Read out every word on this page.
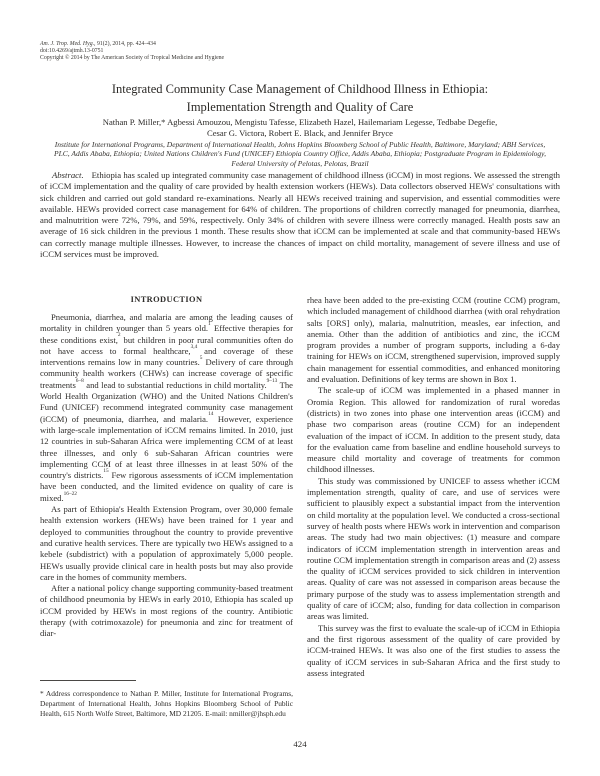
Am. J. Trop. Med. Hyg., 91(2), 2014, pp. 424–434
doi:10.4269/ajtmh.13-0751
Copyright © 2014 by The American Society of Tropical Medicine and Hygiene
Integrated Community Case Management of Childhood Illness in Ethiopia:
Implementation Strength and Quality of Care
Nathan P. Miller,* Agbessi Amouzou, Mengistu Tafesse, Elizabeth Hazel, Hailemariam Legesse, Tedbabe Degefie,
Cesar G. Victora, Robert E. Black, and Jennifer Bryce
Institute for International Programs, Department of International Health, Johns Hopkins Bloomberg School of Public Health, Baltimore, Maryland; ABH Services, PLC, Addis Ababa, Ethiopia; United Nations Children's Fund (UNICEF) Ethiopia Country Office, Addis Ababa, Ethiopia; Postgraduate Program in Epidemiology, Federal University of Pelotas, Pelotas, Brazil
Abstract. Ethiopia has scaled up integrated community case management of childhood illness (iCCM) in most regions. We assessed the strength of iCCM implementation and the quality of care provided by health extension workers (HEWs). Data collectors observed HEWs' consultations with sick children and carried out gold standard re-examinations. Nearly all HEWs received training and supervision, and essential commodities were available. HEWs provided correct case management for 64% of children. The proportions of children correctly managed for pneumonia, diarrhea, and malnutrition were 72%, 79%, and 59%, respectively. Only 34% of children with severe illness were correctly managed. Health posts saw an average of 16 sick children in the previous 1 month. These results show that iCCM can be implemented at scale and that community-based HEWs can correctly manage multiple illnesses. However, to increase the chances of impact on child mortality, management of severe illness and use of iCCM services must be improved.
INTRODUCTION

Pneumonia, diarrhea, and malaria are among the leading causes of mortality in children younger than 5 years old.$^1$ Effective therapies for these conditions exist,$^2$ but children in poor rural communities often do not have access to formal healthcare,$^{3,4}$ and coverage of these interventions remains low in many countries.$^5$ Delivery of care through community health workers (CHWs) can increase coverage of specific treatments$^{6-8}$ and lead to substantial reductions in child mortality.$^{9-13}$ The World Health Organization (WHO) and the United Nations Children's Fund (UNICEF) recommend integrated community case management (iCCM) of pneumonia, diarrhea, and malaria.$^{14}$ However, experience with large-scale implementation of iCCM remains limited. In 2010, just 12 countries in sub-Saharan Africa were implementing CCM of at least three illnesses, and only 6 sub-Saharan African countries were implementing CCM of at least three illnesses in at least 50% of the country's districts.$^{15}$ Few rigorous assessments of iCCM implementation have been conducted, and the limited evidence on quality of care is mixed.$^{16-22}$

As part of Ethiopia's Health Extension Program, over 30,000 female health extension workers (HEWs) have been trained for 1 year and deployed to communities throughout the country to provide preventive and curative health services. There are typically two HEWs assigned to a kebele (subdistrict) with a population of approximately 5,000 people. HEWs usually provide clinical care in health posts but may also provide care in the homes of community members.

After a national policy change supporting community-based treatment of childhood pneumonia by HEWs in early 2010, Ethiopia has scaled up iCCM provided by HEWs in most regions of the country. Antibiotic therapy (with cotrimoxazole) for pneumonia and zinc for treatment of diar-

rhea have been added to the pre-existing CCM (routine CCM) program, which included management of childhood diarrhea (with oral rehydration salts [ORS] only), malaria, malnutrition, measles, ear infection, and anemia. Other than the addition of antibiotics and zinc, the iCCM program provides a number of program supports, including a 6-day training for HEWs on iCCM, strengthened supervision, improved supply chain management for essential commodities, and enhanced monitoring and evaluation. Definitions of key terms are shown in Box 1.

The scale-up of iCCM was implemented in a phased manner in Oromia Region. This allowed for randomization of rural woredas (districts) in two zones into phase one intervention areas (iCCM) and phase two comparison areas (routine CCM) for an independent evaluation of the impact of iCCM. In addition to the present study, data for the evaluation came from baseline and endline household surveys to measure child mortality and coverage of treatments for common childhood illnesses.

This study was commissioned by UNICEF to assess whether iCCM implementation strength, quality of care, and use of services were sufficient to plausibly expect a substantial impact from the intervention on child mortality at the population level. We conducted a cross-sectional survey of health posts where HEWs work in intervention and comparison areas. The study had two main objectives: (1) measure and compare indicators of iCCM implementation strength in intervention areas and routine CCM implementation strength in comparison areas and (2) assess the quality of iCCM services provided to sick children in intervention areas. Quality of care was not assessed in comparison areas because the primary purpose of the study was to assess implementation strength and quality of care of iCCM; also, funding for data collection in comparison areas was limited.

This survey was the first to evaluate the scale-up of iCCM in Ethiopia and the first rigorous assessment of the quality of care provided by iCCM-trained HEWs. It was also one of the first studies to assess the quality of iCCM services in sub-Saharan Africa and the first study to assess integrated

* Address correspondence to Nathan P. Miller, Institute for International Programs, Department of International Health, Johns Hopkins Bloomberg School of Public Health, 615 North Wolfe Street, Baltimore, MD 21205. E-mail: nmiller@jhsph.edu
424
